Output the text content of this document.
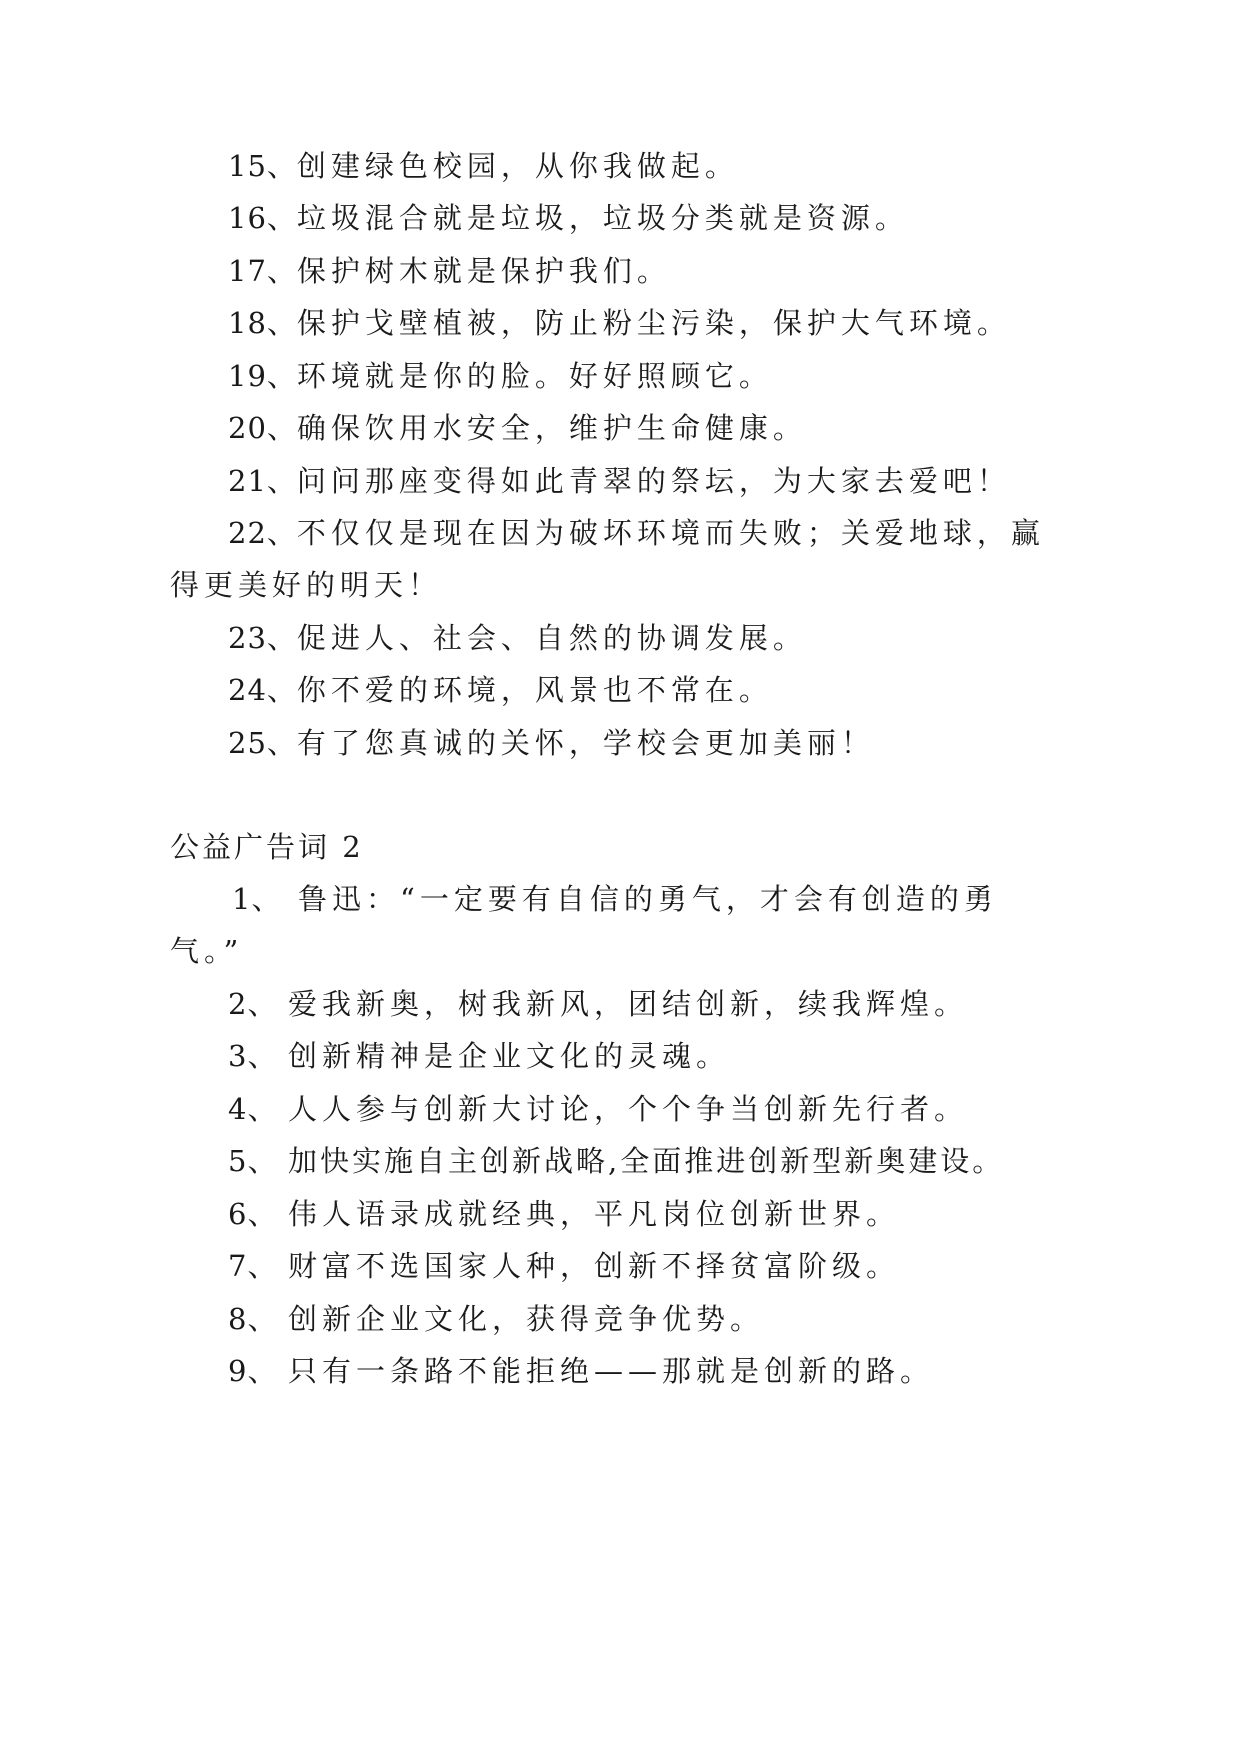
15、创建绿色校园，从你我做起。
16、垃圾混合就是垃圾，垃圾分类就是资源。
17、保护树木就是保护我们。
18、保护戈壁植被，防止粉尘污染，保护大气环境。
19、环境就是你的脸。好好照顾它。
20、确保饮用水安全，维护生命健康。
21、问问那座变得如此青翠的祭坛，为大家去爱吧！
22、不仅仅是现在因为破坏环境而失败；关爱地球，赢
得更美好的明天！
23、促进人、社会、自然的协调发展。
24、你不爱的环境，风景也不常在。
25、有了您真诚的关怀，学校会更加美丽！
公益广告词 2
1、 鲁迅：“一定要有自信的勇气，才会有创造的勇
气。”
2、 爱我新奥，树我新风，团结创新，续我辉煌。
3、 创新精神是企业文化的灵魂。
4、 人人参与创新大讨论，个个争当创新先行者。
5、 加快实施自主创新战略,全面推进创新型新奥建设。
6、 伟人语录成就经典，平凡岗位创新世界。
7、 财富不选国家人种，创新不择贫富阶级。
8、 创新企业文化，获得竞争优势。
9、 只有一条路不能拒绝——那就是创新的路。
